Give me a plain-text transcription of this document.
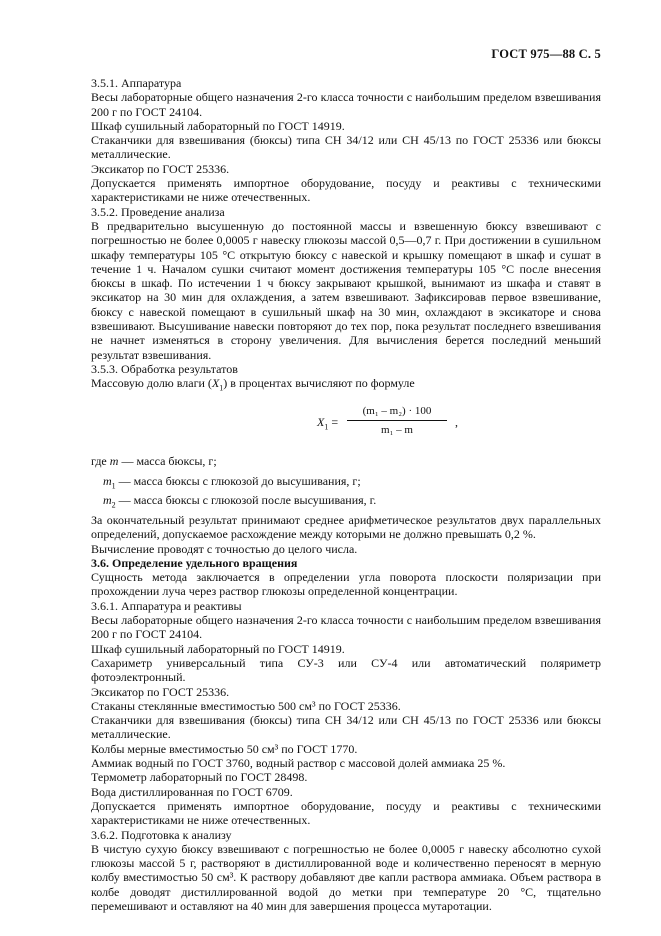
ГОСТ 975—88 С. 5

3.5.1. Аппаратура

Весы лабораторные общего назначения 2-го класса точности с наибольшим пределом взвешивания 200 г по ГОСТ 24104.

Шкаф сушильный лабораторный по ГОСТ 14919.

Стаканчики для взвешивания (бюксы) типа СН 34/12 или СН 45/13 по ГОСТ 25336 или бюксы металлические.

Эксикатор по ГОСТ 25336.

Допускается применять импортное оборудование, посуду и реактивы с техническими характеристиками не ниже отечественных.

3.5.2. Проведение анализа

В предварительно высушенную до постоянной массы и взвешенную бюксу взвешивают с погрешностью не более 0,0005 г навеску глюкозы массой 0,5—0,7 г. При достижении в сушильном шкафу температуры 105 °С открытую бюксу с навеской и крышку помещают в шкаф и сушат в течение 1 ч. Началом сушки считают момент достижения температуры 105 °С после внесения бюксы в шкаф. По истечении 1 ч бюксу закрывают крышкой, вынимают из шкафа и ставят в эксикатор на 30 мин для охлаждения, а затем взвешивают. Зафиксировав первое взвешивание, бюксу с навеской помещают в сушильный шкаф на 30 мин, охлаждают в эксикаторе и снова взвешивают. Высушивание навески повторяют до тех пор, пока результат последнего взвешивания не начнет изменяться в сторону увеличения. Для вычисления берется последний меньший результат взвешивания.

3.5.3. Обработка результатов

Массовую долю влаги $(X_1)$ в процентах вычисляют по формуле

$X_1 = \frac{\text{(m₁ – m₂) · 100}}{\text{m₁ – m}}$ ,

где m — масса бюксы, г;

$m_1$ — масса бюксы с глюкозой до высушивания, г;

$m_2$ — масса бюксы с глюкозой после высушивания, г.

За окончательный результат принимают среднее арифметическое результатов двух параллельных определений, допускаемое расхождение между которыми не должно превышать 0,2 %.

Вычисление проводят с точностью до целого числа.

3.6. Определение удельного вращения

Сущность метода заключается в определении угла поворота плоскости поляризации при прохождении луча через раствор глюкозы определенной концентрации.

3.6.1. Аппаратура и реактивы

Весы лабораторные общего назначения 2-го класса точности с наибольшим пределом взвешивания 200 г по ГОСТ 24104.

Шкаф сушильный лабораторный по ГОСТ 14919.

Сахариметр универсальный типа СУ-3 или СУ-4 или автоматический поляриметр фотоэлектронный.

Эксикатор по ГОСТ 25336.

Стаканы стеклянные вместимостью 500 см³ по ГОСТ 25336.

Стаканчики для взвешивания (бюксы) типа СН 34/12 или СН 45/13 по ГОСТ 25336 или бюксы металлические.

Колбы мерные вместимостью 50 см³ по ГОСТ 1770.

Аммиак водный по ГОСТ 3760, водный раствор с массовой долей аммиака 25 %.

Термометр лабораторный по ГОСТ 28498.

Вода дистиллированная по ГОСТ 6709.

Допускается применять импортное оборудование, посуду и реактивы с техническими характеристиками не ниже отечественных.

3.6.2. Подготовка к анализу

В чистую сухую бюксу взвешивают с погрешностью не более 0,0005 г навеску абсолютно сухой глюкозы массой 5 г, растворяют в дистиллированной воде и количественно переносят в мерную колбу вместимостью 50 см³. К раствору добавляют две капли раствора аммиака. Объем раствора в колбе доводят дистиллированной водой до метки при температуре 20 °С, тщательно перемешивают и оставляют на 40 мин для завершения процесса мутаротации.
